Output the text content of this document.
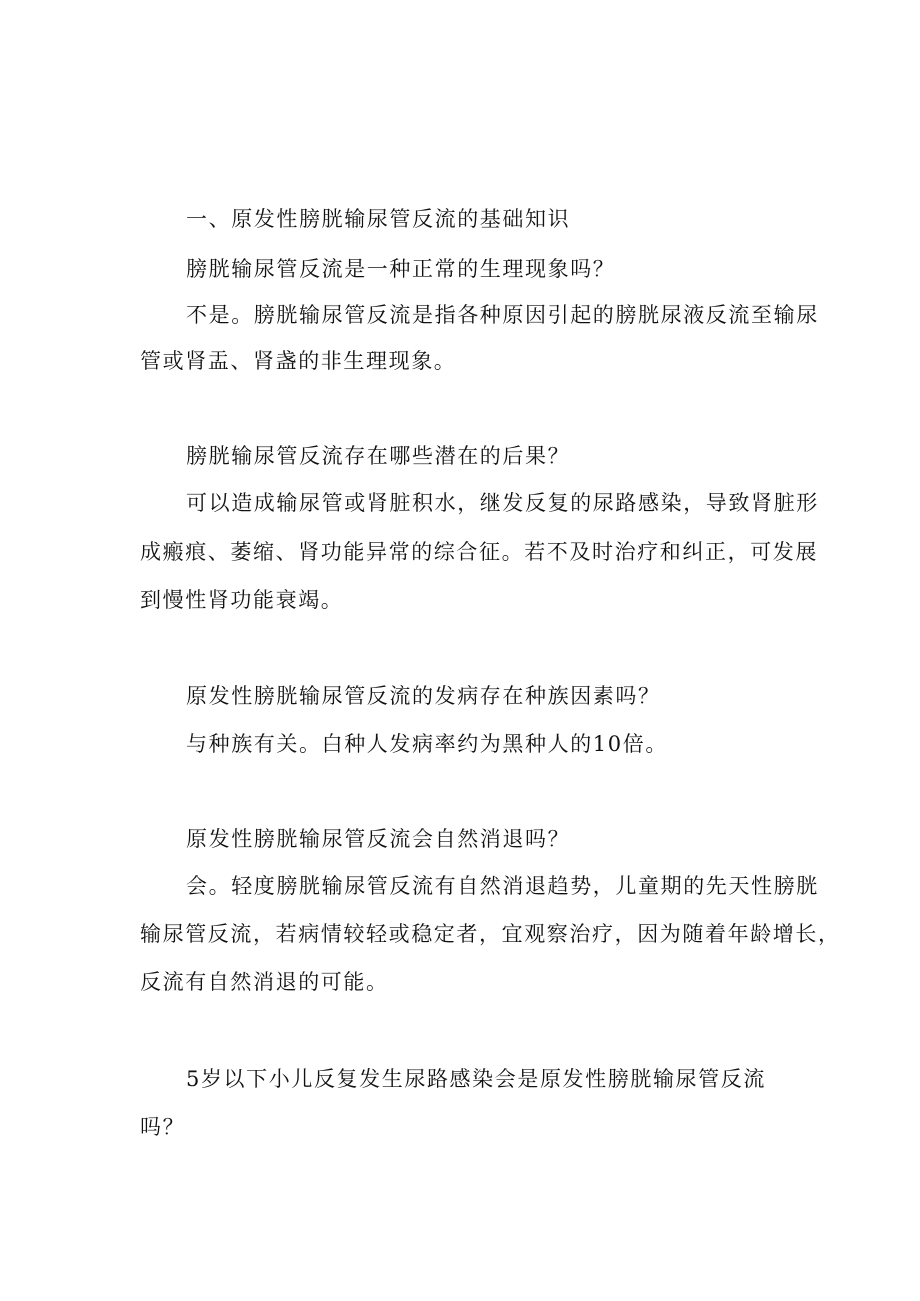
一、原发性膀胱输尿管反流的基础知识
膀胱输尿管反流是一种正常的生理现象吗？
不是。膀胱输尿管反流是指各种原因引起的膀胱尿液反流至输尿
管或肾盂、肾盏的非生理现象。
膀胱输尿管反流存在哪些潜在的后果？
可以造成输尿管或肾脏积水，继发反复的尿路感染，导致肾脏形
成瘢痕、萎缩、肾功能异常的综合征。若不及时治疗和纠正，可发展
到慢性肾功能衰竭。
原发性膀胱输尿管反流的发病存在种族因素吗？
与种族有关。白种人发病率约为黑种人的10倍。
原发性膀胱输尿管反流会自然消退吗？
会。轻度膀胱输尿管反流有自然消退趋势，儿童期的先天性膀胱
输尿管反流，若病情较轻或稳定者，宜观察治疗，因为随着年龄增长，
反流有自然消退的可能。
5岁以下小儿反复发生尿路感染会是原发性膀胱输尿管反流
吗？
